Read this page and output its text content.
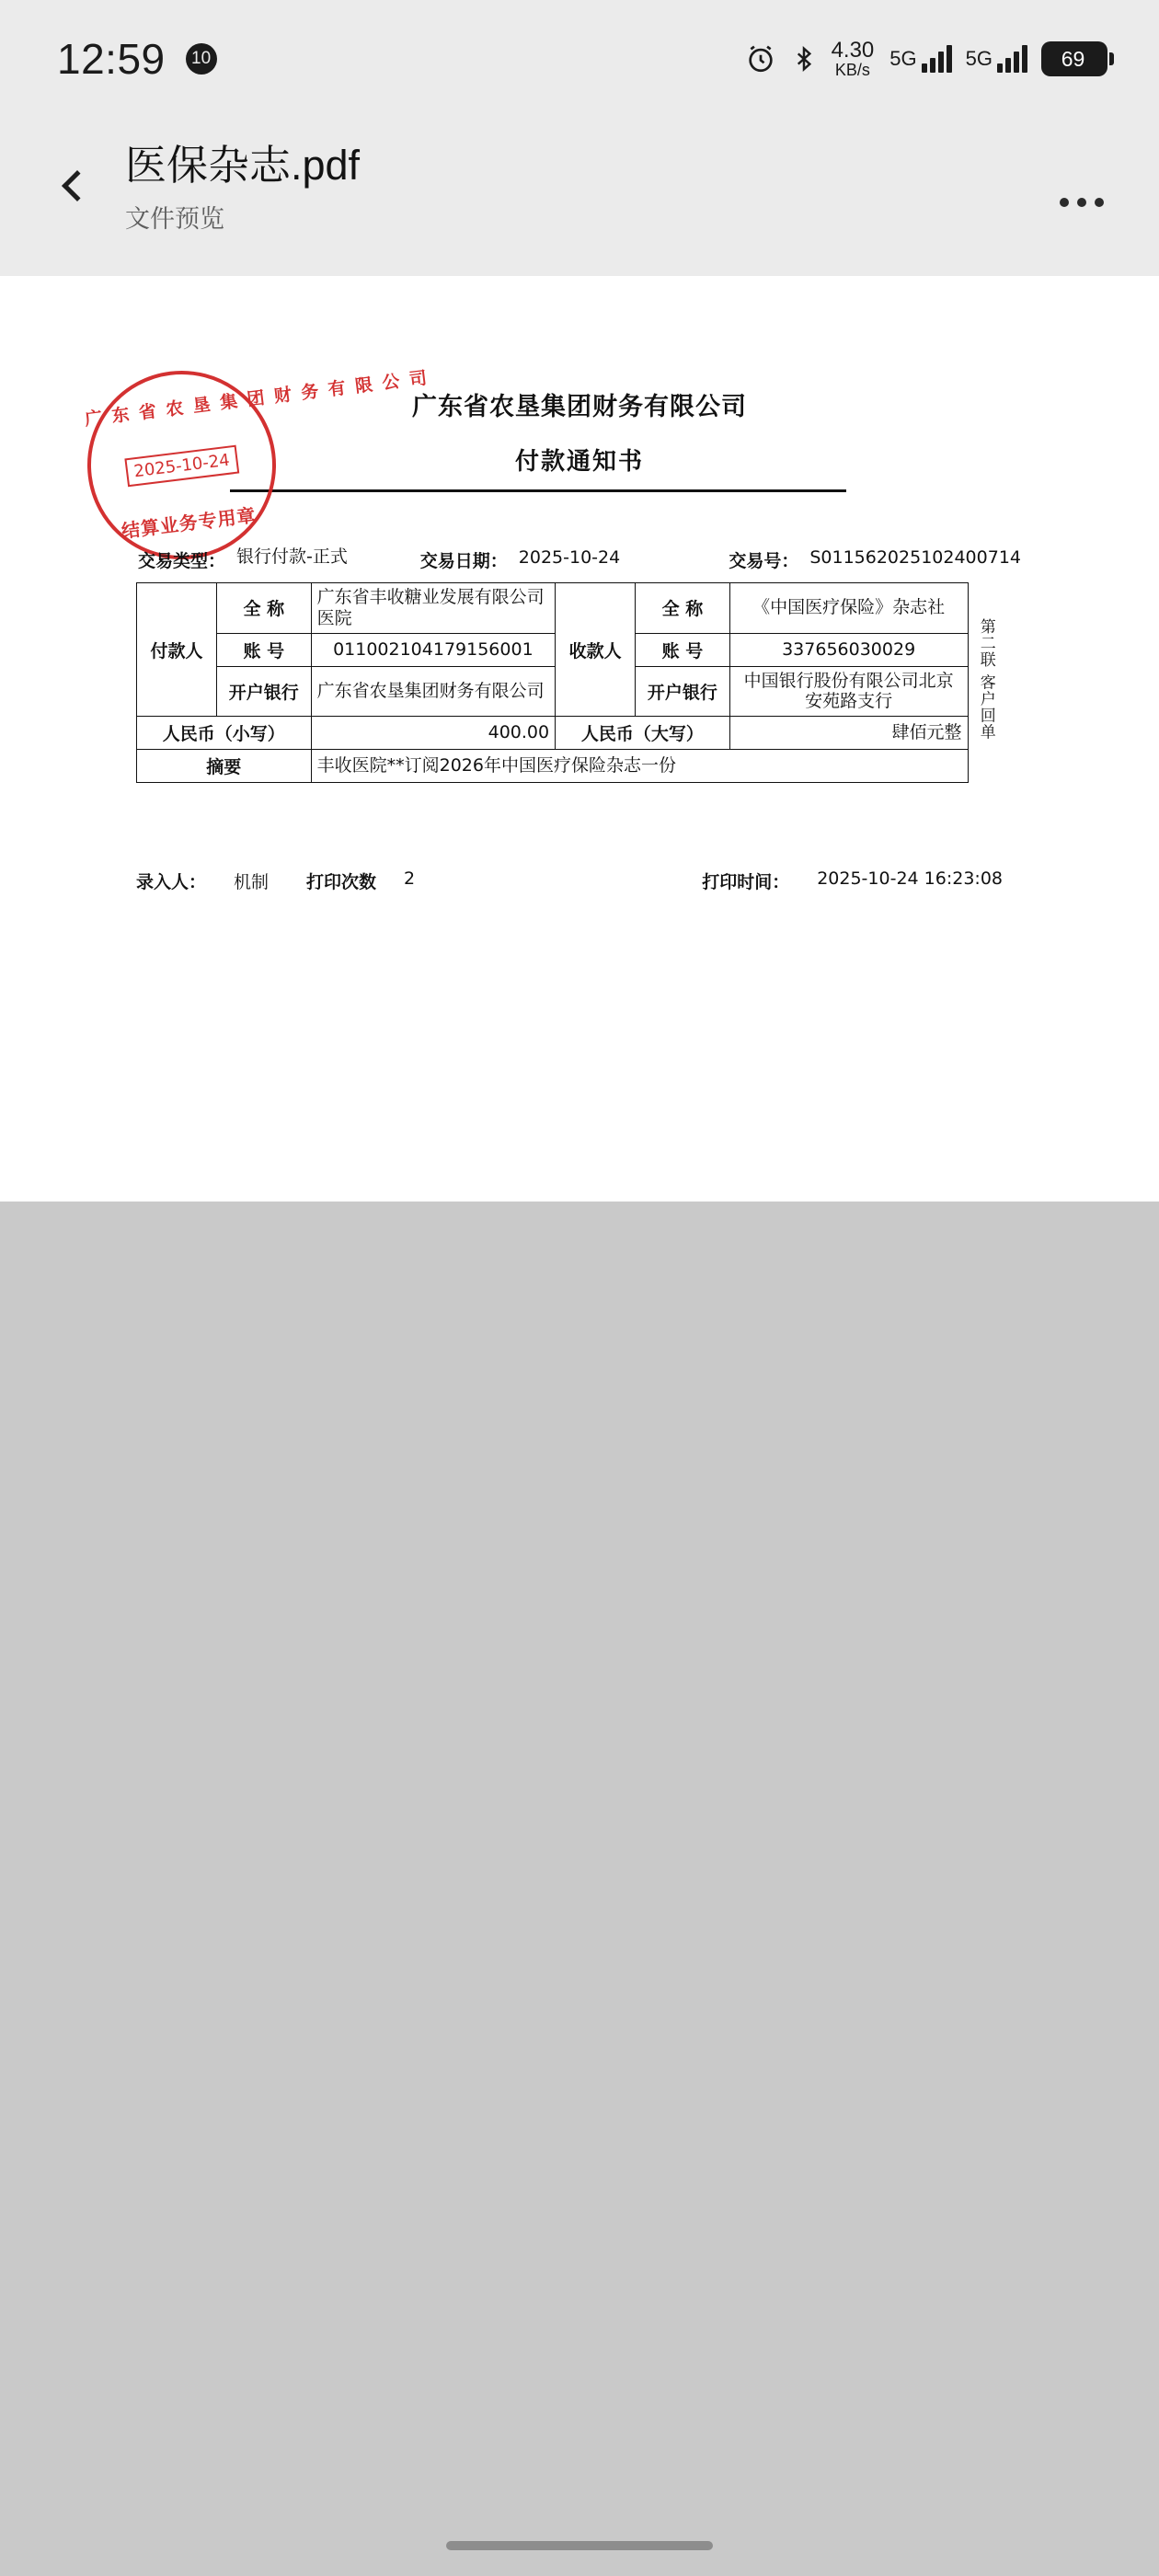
12:59	10	4.30
KB/s 5G 5G	69
医保杂志.pdf
文件预览
广东省农垦集团财务有限公司
付款通知书
广 东 省 农 垦 集 团 财 务 有 限 公 司
2025-10-24
结算业务专用章
交易类型： 银行付款-正式	交易日期： 2025-10-24	交易号： S011562025102400714
付款人	全 称	广东省丰收糖业发展有限公司医院	收款人	全 称	《中国医疗保险》杂志社	第二联 客户回单
	账 号	011002104179156001		账 号	337656030029	
	开户银行	广东省农垦集团财务有限公司		开户银行	中国银行股份有限公司北京安苑路支行	
人民币（小写）		400.00	人民币（大写）		肆佰元整	
摘要		丰收医院**订阅2026年中国医疗保险杂志一份				
录入人： 机制 打印次数 2	打印时间： 2025-10-24 16:23:08
